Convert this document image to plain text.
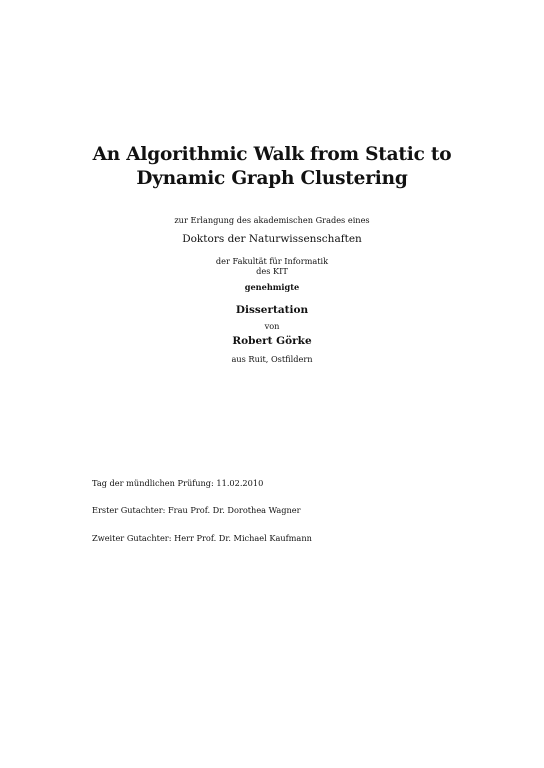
An Algorithmic Walk from Static to
Dynamic Graph Clustering

zur Erlangung des akademischen Grades eines

Doktors der Naturwissenschaften

der Fakultät für Informatik

des KIT

genehmigte

Dissertation

von

Robert Görke

aus Ruit, Ostfildern

Tag der mündlichen Prüfung: 11.02.2010

Erster Gutachter: Frau Prof. Dr. Dorothea Wagner

Zweiter Gutachter: Herr Prof. Dr. Michael Kaufmann
